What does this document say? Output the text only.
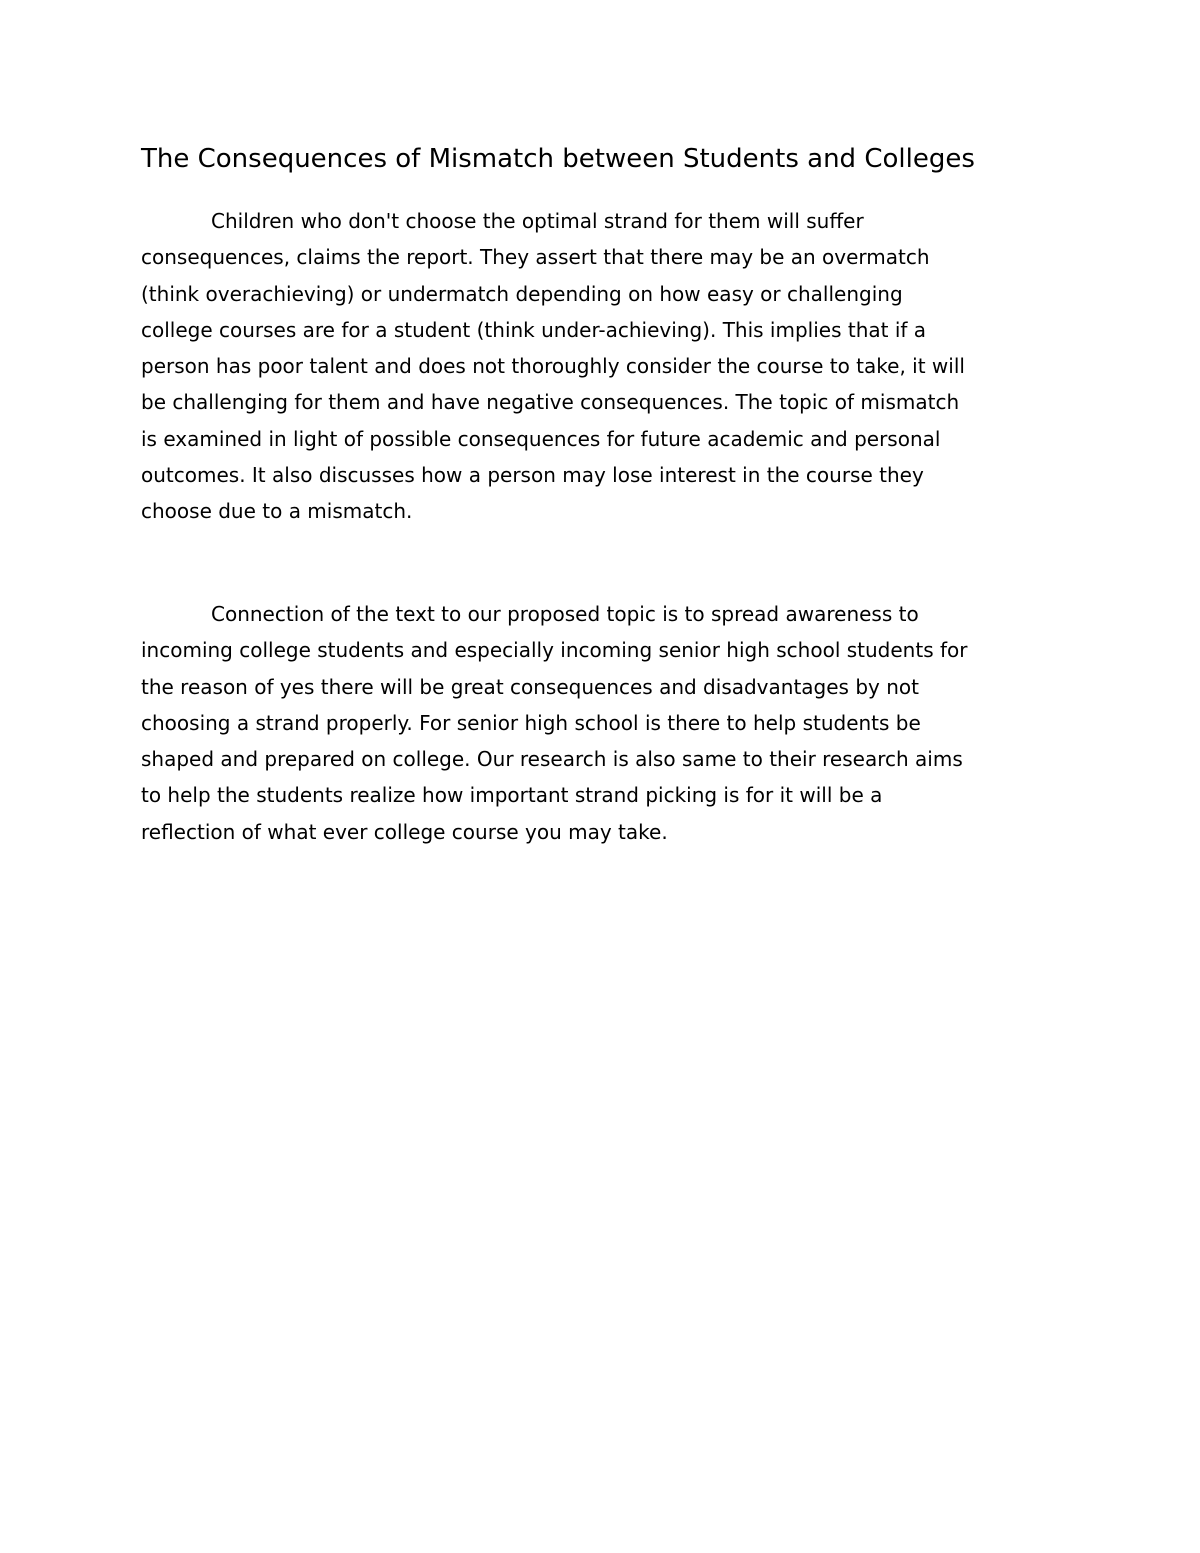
The Consequences of Mismatch between Students and Colleges

Children who don't choose the optimal strand for them will suffer
consequences, claims the report. They assert that there may be an overmatch
(think overachieving) or undermatch depending on how easy or challenging
college courses are for a student (think under-achieving). This implies that if a
person has poor talent and does not thoroughly consider the course to take, it will
be challenging for them and have negative consequences. The topic of mismatch
is examined in light of possible consequences for future academic and personal
outcomes. It also discusses how a person may lose interest in the course they
choose due to a mismatch.

Connection of the text to our proposed topic is to spread awareness to
incoming college students and especially incoming senior high school students for
the reason of yes there will be great consequences and disadvantages by not
choosing a strand properly. For senior high school is there to help students be
shaped and prepared on college. Our research is also same to their research aims
to help the students realize how important strand picking is for it will be a
reflection of what ever college course you may take.
